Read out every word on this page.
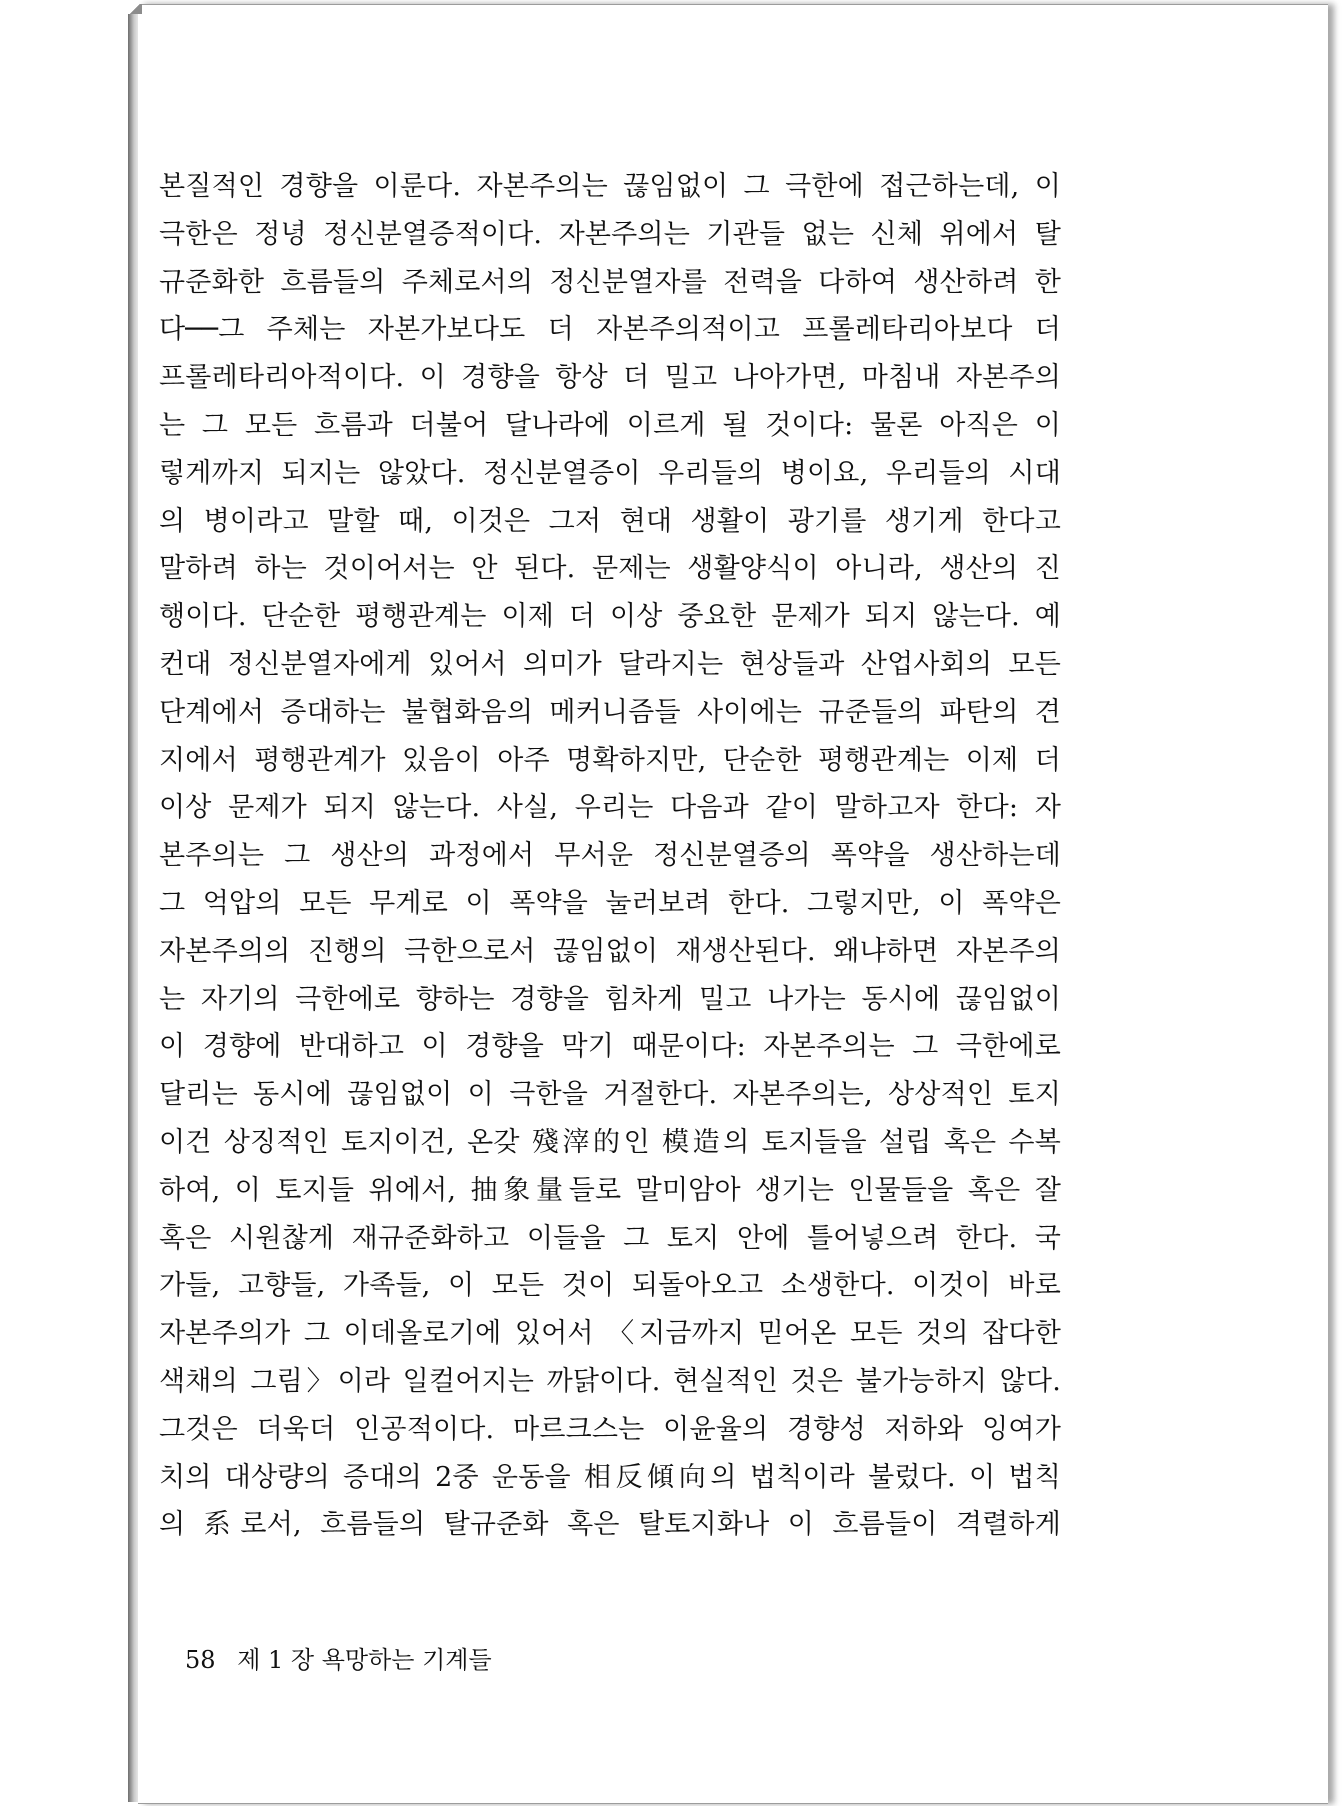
본질적인 경향을 이룬다. 자본주의는 끊임없이 그 극한에 접근하는데, 이
극한은 정녕 정신분열증적이다. 자본주의는 기관들 없는 신체 위에서 탈
규준화한 흐름들의 주체로서의 정신분열자를 전력을 다하여 생산하려 한
다──그 주체는 자본가보다도 더 자본주의적이고 프롤레타리아보다 더
프롤레타리아적이다. 이 경향을 항상 더 밀고 나아가면, 마침내 자본주의
는 그 모든 흐름과 더불어 달나라에 이르게 될 것이다: 물론 아직은 이
렇게까지 되지는 않았다. 정신분열증이 우리들의 병이요, 우리들의 시대
의 병이라고 말할 때, 이것은 그저 현대 생활이 광기를 생기게 한다고
말하려 하는 것이어서는 안 된다. 문제는 생활양식이 아니라, 생산의 진
행이다. 단순한 평행관계는 이제 더 이상 중요한 문제가 되지 않는다. 예
컨대 정신분열자에게 있어서 의미가 달라지는 현상들과 산업사회의 모든
단계에서 증대하는 불협화음의 메커니즘들 사이에는 규준들의 파탄의 견
지에서 평행관계가 있음이 아주 명확하지만, 단순한 평행관계는 이제 더
이상 문제가 되지 않는다. 사실, 우리는 다음과 같이 말하고자 한다: 자
본주의는 그 생산의 과정에서 무서운 정신분열증의 폭약을 생산하는데
그 억압의 모든 무게로 이 폭약을 눌러보려 한다. 그렇지만, 이 폭약은
자본주의의 진행의 극한으로서 끊임없이 재생산된다. 왜냐하면 자본주의
는 자기의 극한에로 향하는 경향을 힘차게 밀고 나가는 동시에 끊임없이
이 경향에 반대하고 이 경향을 막기 때문이다: 자본주의는 그 극한에로
달리는 동시에 끊임없이 이 극한을 거절한다. 자본주의는, 상상적인 토지
이건 상징적인 토지이건, 온갖 殘滓的인 模造의 토지들을 설립 혹은 수복
하여, 이 토지들 위에서, 抽象量들로 말미암아 생기는 인물들을 혹은 잘
혹은 시원찮게 재규준화하고 이들을 그 토지 안에 틀어넣으려 한다. 국
가들, 고향들, 가족들, 이 모든 것이 되돌아오고 소생한다. 이것이 바로
자본주의가 그 이데올로기에 있어서 〈지금까지 믿어온 모든 것의 잡다한
색채의 그림〉이라 일컬어지는 까닭이다. 현실적인 것은 불가능하지 않다.
그것은 더욱더 인공적이다. 마르크스는 이윤율의 경향성 저하와 잉여가
치의 대상량의 증대의 2중 운동을 相反傾向의 법칙이라 불렀다. 이 법칙
의 系로서, 흐름들의 탈규준화 혹은 탈토지화나 이 흐름들이 격렬하게
58 제 1 장 욕망하는 기계들
